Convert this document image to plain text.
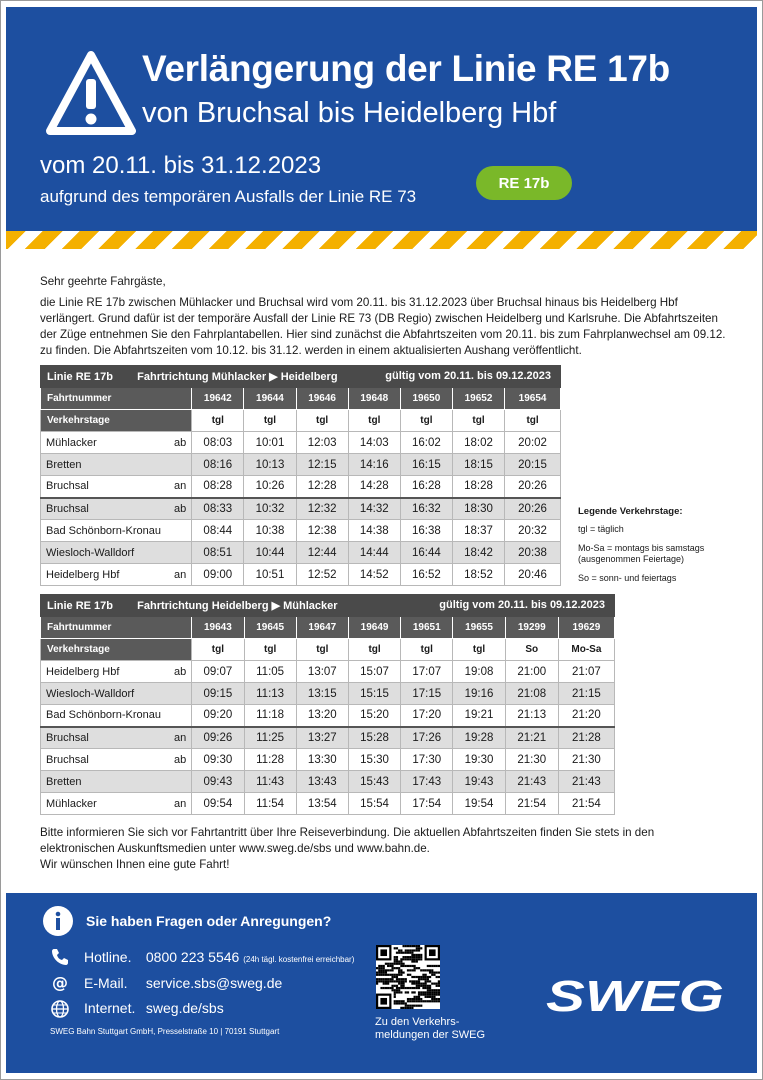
Verlängerung der Linie RE 17b
von Bruchsal bis Heidelberg Hbf
vom 20.11. bis 31.12.2023
aufgrund des temporären Ausfalls der Linie RE 73
RE 17b

Sehr geehrte Fahrgäste,

die Linie RE 17b zwischen Mühlacker und Bruchsal wird vom 20.11. bis 31.12.2023 über Bruchsal hinaus bis Heidelberg Hbf verlängert. Grund dafür ist der temporäre Ausfall der Linie RE 73 (DB Regio) zwischen Heidelberg und Karlsruhe. Die Abfahrtszeiten der Züge entnehmen Sie den Fahrplantabellen. Hier sind zunächst die Abfahrtszeiten vom 20.11. bis zum Fahrplanwechsel am 09.12. zu finden. Die Abfahrtszeiten vom 10.12. bis 31.12. werden in einem aktualisierten Aushang veröffentlicht.

Linie RE 17b Fahrtrichtung Mühlacker ▶ Heidelberg gültig vom 20.11. bis 09.12.2023								

Fahrtnummer		19642	19644	19646	19648	19650	19652	19654
Verkehrstage		tgl	tgl	tgl	tgl	tgl	tgl	tgl
Mühlacker	ab	08:03	10:01	12:03	14:03	16:02	18:02	20:02
Bretten		08:16	10:13	12:15	14:16	16:15	18:15	20:15
Bruchsal	an	08:28	10:26	12:28	14:28	16:28	18:28	20:26
Bruchsal	ab	08:33	10:32	12:32	14:32	16:32	18:30	20:26
Bad Schönborn-Kronau		08:44	10:38	12:38	14:38	16:38	18:37	20:32
Wiesloch-Walldorf		08:51	10:44	12:44	14:44	16:44	18:42	20:38
Heidelberg Hbf	an	09:00	10:51	12:52	14:52	16:52	18:52	20:46
Legende Verkehrstage:
tgl = täglich
Mo-Sa = montags bis samstags
(ausgenommen Feiertage)
So = sonn- und feiertags
Linie RE 17b Fahrtrichtung Heidelberg ▶ Mühlacker gültig vom 20.11. bis 09.12.2023									

Fahrtnummer		19643	19645	19647	19649	19651	19655	19299	19629
Verkehrstage		tgl	tgl	tgl	tgl	tgl	tgl	So	Mo-Sa
Heidelberg Hbf	ab	09:07	11:05	13:07	15:07	17:07	19:08	21:00	21:07
Wiesloch-Walldorf		09:15	11:13	13:15	15:15	17:15	19:16	21:08	21:15
Bad Schönborn-Kronau		09:20	11:18	13:20	15:20	17:20	19:21	21:13	21:20
Bruchsal	an	09:26	11:25	13:27	15:28	17:26	19:28	21:21	21:28
Bruchsal	ab	09:30	11:28	13:30	15:30	17:30	19:30	21:30	21:30
Bretten		09:43	11:43	13:43	15:43	17:43	19:43	21:43	21:43
Mühlacker	an	09:54	11:54	13:54	15:54	17:54	19:54	21:54	21:54
Bitte informieren Sie sich vor Fahrtantritt über Ihre Reiseverbindung. Die aktuellen Abfahrtszeiten finden Sie stets in den elektronischen Auskunftsmedien unter www.sweg.de/sbs und www.bahn.de.
Wir wünschen Ihnen eine gute Fahrt!
Sie haben Fragen oder Anregungen?
Hotline. 0800 223 5546 (24h tägl. kostenfrei erreichbar)
@ E-Mail. service.sbs@sweg.de
Internet. sweg.de/sbs
SWEG Bahn Stuttgart GmbH, Presselstraße 10 | 70191 Stuttgart
Zu den Verkehrs-
meldungen der SWEG
SWEG
